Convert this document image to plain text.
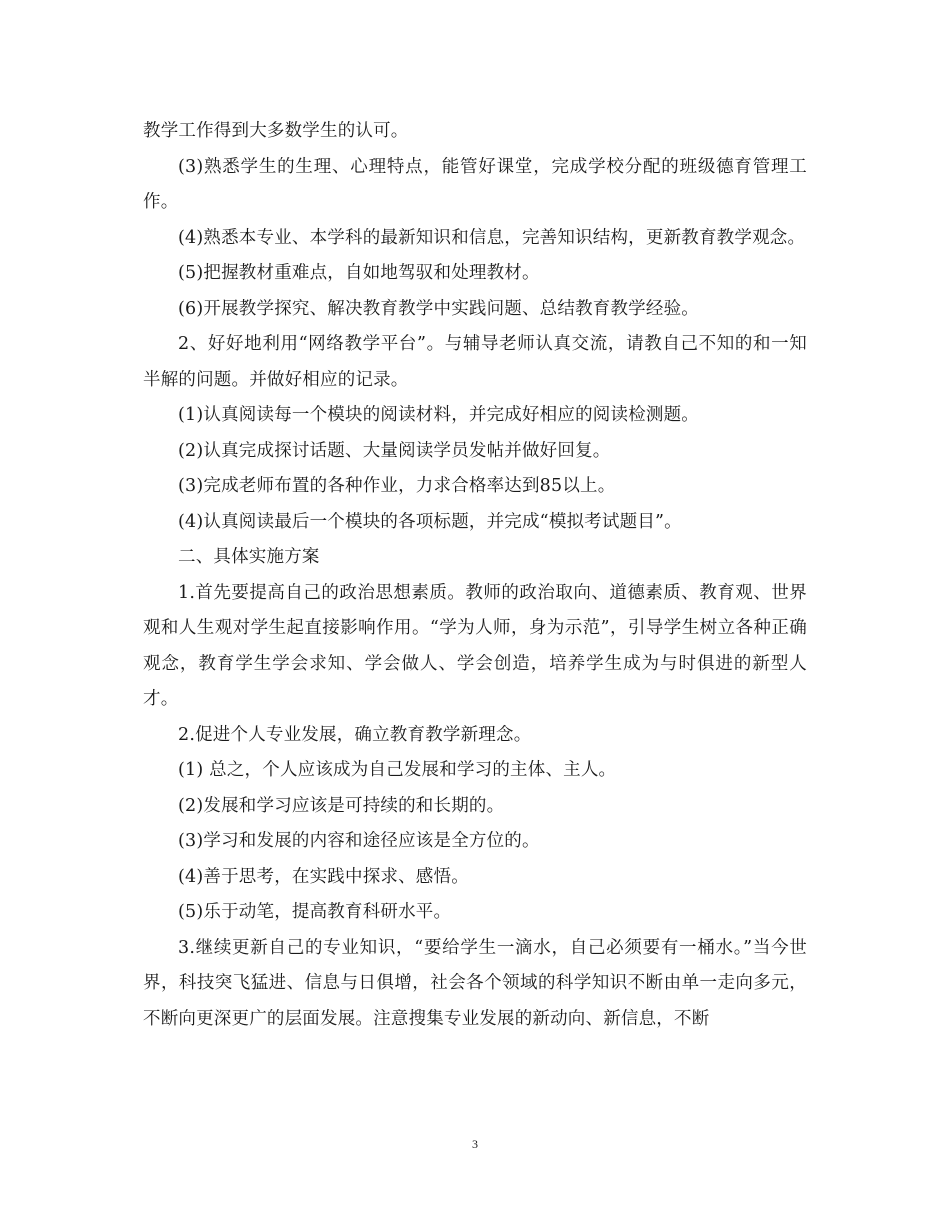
教学工作得到大多数学生的认可。

(3)熟悉学生的生理、心理特点，能管好课堂，完成学校分配的班级德育管理工作。

(4)熟悉本专业、本学科的最新知识和信息，完善知识结构，更新教育教学观念。

(5)把握教材重难点，自如地驾驭和处理教材。

(6)开展教学探究、解决教育教学中实践问题、总结教育教学经验。

2、好好地利用“网络教学平台”。与辅导老师认真交流，请教自己不知的和一知半解的问题。并做好相应的记录。

(1)认真阅读每一个模块的阅读材料，并完成好相应的阅读检测题。

(2)认真完成探讨话题、大量阅读学员发帖并做好回复。

(3)完成老师布置的各种作业，力求合格率达到85以上。

(4)认真阅读最后一个模块的各项标题，并完成“模拟考试题目”。

二、具体实施方案

1.首先要提高自己的政治思想素质。教师的政治取向、道德素质、教育观、世界观和人生观对学生起直接影响作用。“学为人师，身为示范”，引导学生树立各种正确观念，教育学生学会求知、学会做人、学会创造，培养学生成为与时俱进的新型人才。

2.促进个人专业发展，确立教育教学新理念。

(1) 总之，个人应该成为自己发展和学习的主体、主人。

(2)发展和学习应该是可持续的和长期的。

(3)学习和发展的内容和途径应该是全方位的。

(4)善于思考，在实践中探求、感悟。

(5)乐于动笔，提高教育科研水平。

3.继续更新自己的专业知识，“要给学生一滴水，自己必须要有一桶水。”当今世界，科技突飞猛进、信息与日俱增，社会各个领域的科学知识不断由单一走向多元，不断向更深更广的层面发展。注意搜集专业发展的新动向、新信息，不断

3
